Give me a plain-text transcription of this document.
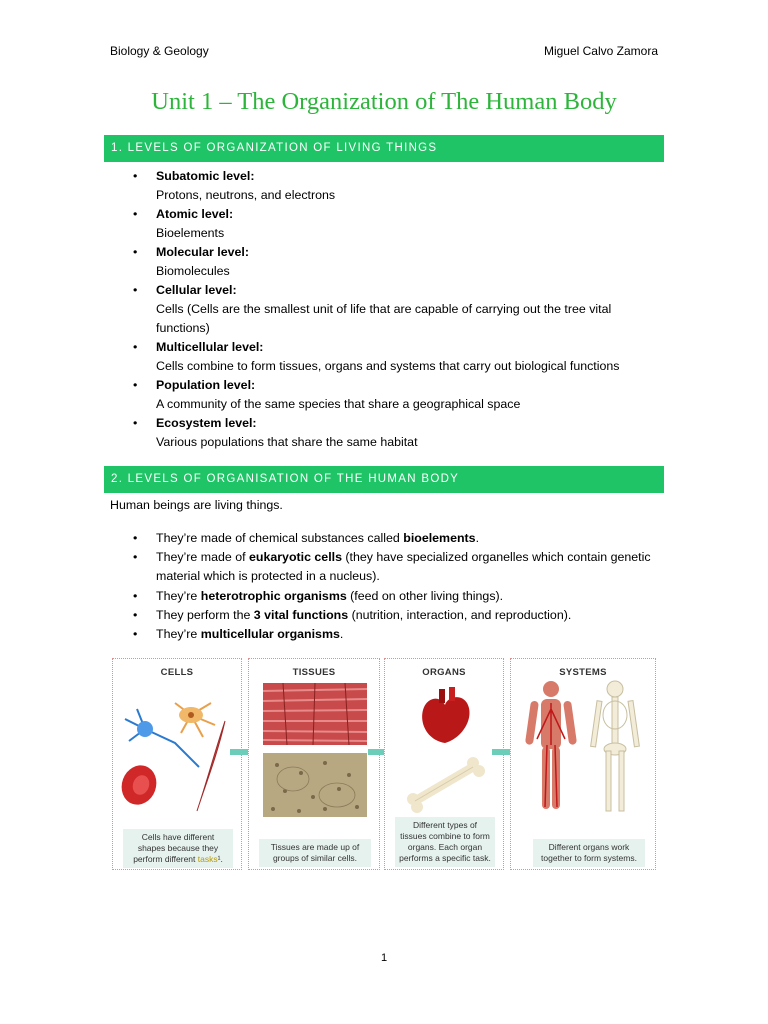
Biology & Geology	Miguel Calvo Zamora
Unit 1 – The Organization of The Human Body
1. LEVELS OF ORGANIZATION OF LIVING THINGS
• Subatomic level:
Protons, neutrons, and electrons
• Atomic level:
Bioelements
• Molecular level:
Biomolecules
• Cellular level:
Cells (Cells are the smallest unit of life that are capable of carrying out the tree vital functions)
• Multicellular level:
Cells combine to form tissues, organs and systems that carry out biological functions
• Population level:
A community of the same species that share a geographical space
• Ecosystem level:
Various populations that share the same habitat
2. LEVELS OF ORGANISATION OF THE HUMAN BODY
Human beings are living things.
• They’re made of chemical substances called bioelements.
• They’re made of eukaryotic cells (they have specialized organelles which contain genetic material which is protected in a nucleus).
• They’re heterotrophic organisms (feed on other living things).
• They perform the 3 vital functions (nutrition, interaction, and reproduction).
• They’re multicellular organisms.
CELLS
Cells have different shapes because they perform different tasks¹.
TISSUES
Tissues are made up of groups of similar cells.
ORGANS
Different types of tissues combine to form organs. Each organ performs a specific task.
SYSTEMS
Different organs work together to form systems.
1
